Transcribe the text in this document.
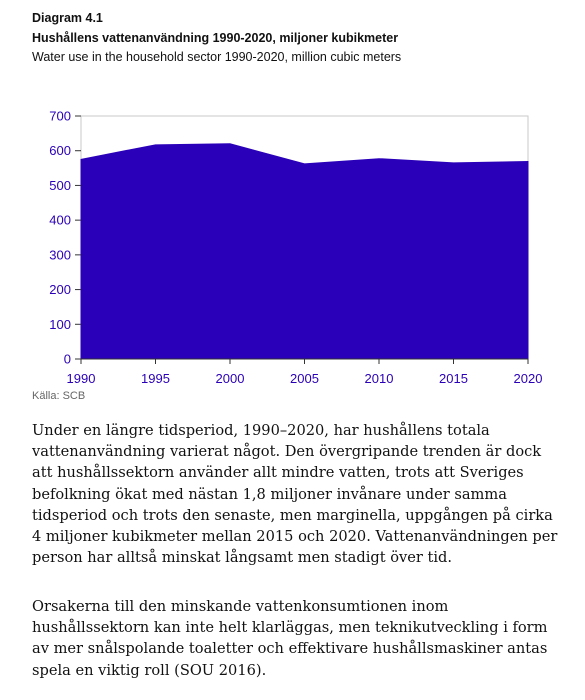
Diagram 4.1
Hushållens vattenanvändning 1990-2020, miljoner kubikmeter
Water use in the household sector 1990-2020, million cubic meters
0
100
200
300
400
500
600
700
1990	1995	2000	2005	2010	2015	2020
Källa: SCB

Under en längre tidsperiod, 1990–2020, har hushållens totala vattenanvändning varierat något. Den övergripande trenden är dock att hushållssektorn använder allt mindre vatten, trots att Sveriges befolkning ökat med nästan 1,8 miljoner invånare under samma tidsperiod och trots den senaste, men marginella, uppgången på cirka 4 miljoner kubikmeter mellan 2015 och 2020. Vattenanvändningen per person har alltså minskat långsamt men stadigt över tid.

Orsakerna till den minskande vattenkonsumtionen inom hushållssektorn kan inte helt klarläggas, men teknikutveckling i form av mer snålspolande toaletter och effektivare hushållsmaskiner antas spela en viktig roll (SOU 2016).
